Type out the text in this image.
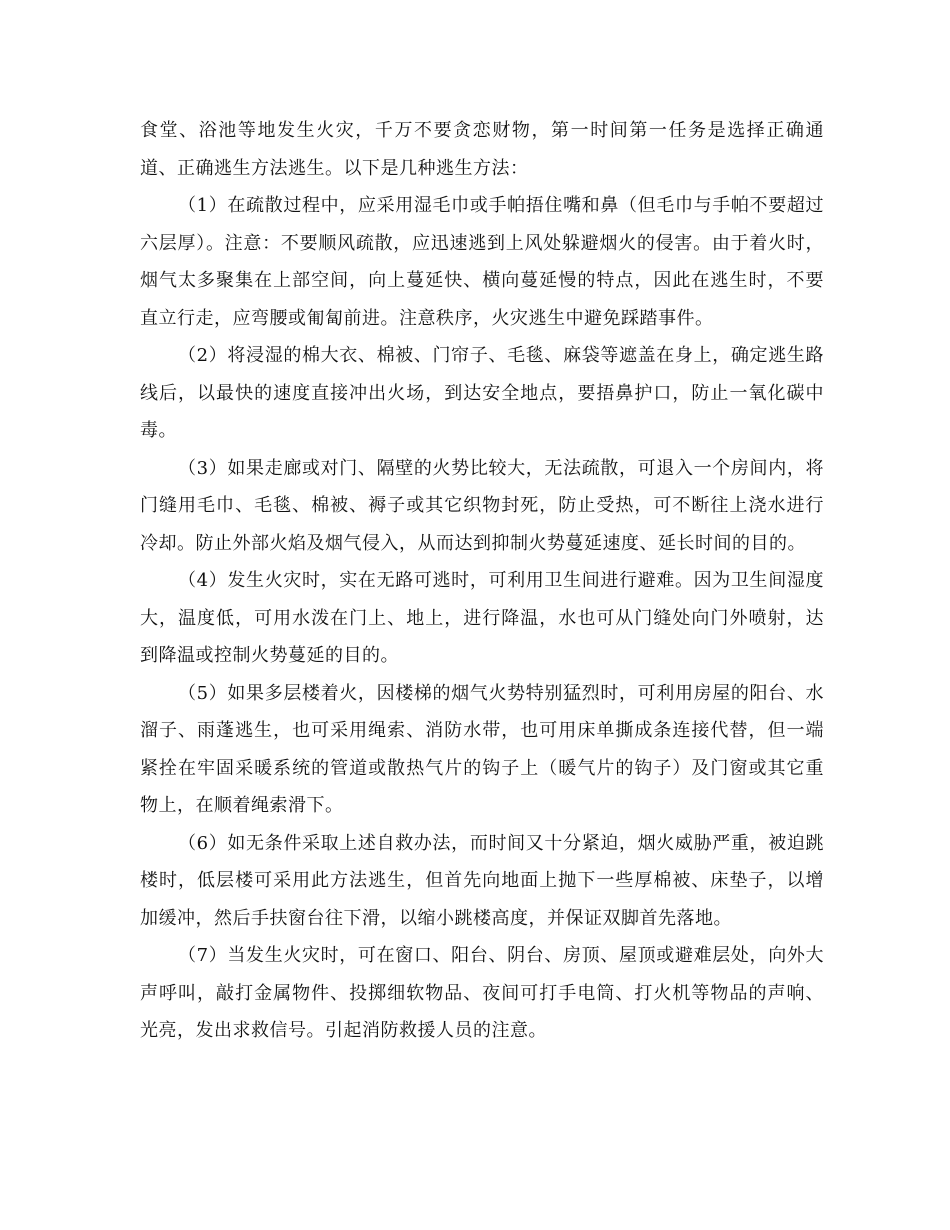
食堂、浴池等地发生火灾，千万不要贪恋财物，第一时间第一任务是选择正确通道、正确逃生方法逃生。以下是几种逃生方法：

（1）在疏散过程中，应采用湿毛巾或手帕捂住嘴和鼻（但毛巾与手帕不要超过六层厚）。注意：不要顺风疏散，应迅速逃到上风处躲避烟火的侵害。由于着火时，烟气太多聚集在上部空间，向上蔓延快、横向蔓延慢的特点，因此在逃生时，不要直立行走，应弯腰或匍匐前进。注意秩序，火灾逃生中避免踩踏事件。

（2）将浸湿的棉大衣、棉被、门帘子、毛毯、麻袋等遮盖在身上，确定逃生路线后，以最快的速度直接冲出火场，到达安全地点，要捂鼻护口，防止一氧化碳中毒。

（3）如果走廊或对门、隔壁的火势比较大，无法疏散，可退入一个房间内，将门缝用毛巾、毛毯、棉被、褥子或其它织物封死，防止受热，可不断往上浇水进行冷却。防止外部火焰及烟气侵入，从而达到抑制火势蔓延速度、延长时间的目的。

（4）发生火灾时，实在无路可逃时，可利用卫生间进行避难。因为卫生间湿度大，温度低，可用水泼在门上、地上，进行降温，水也可从门缝处向门外喷射，达到降温或控制火势蔓延的目的。

（5）如果多层楼着火，因楼梯的烟气火势特别猛烈时，可利用房屋的阳台、水溜子、雨蓬逃生，也可采用绳索、消防水带，也可用床单撕成条连接代替，但一端紧拴在牢固采暖系统的管道或散热气片的钩子上（暖气片的钩子）及门窗或其它重物上，在顺着绳索滑下。

（6）如无条件采取上述自救办法，而时间又十分紧迫，烟火威胁严重，被迫跳楼时，低层楼可采用此方法逃生，但首先向地面上抛下一些厚棉被、床垫子，以增加缓冲，然后手扶窗台往下滑，以缩小跳楼高度，并保证双脚首先落地。

（7）当发生火灾时，可在窗口、阳台、阴台、房顶、屋顶或避难层处，向外大声呼叫，敲打金属物件、投掷细软物品、夜间可打手电筒、打火机等物品的声响、光亮，发出求救信号。引起消防救援人员的注意。
